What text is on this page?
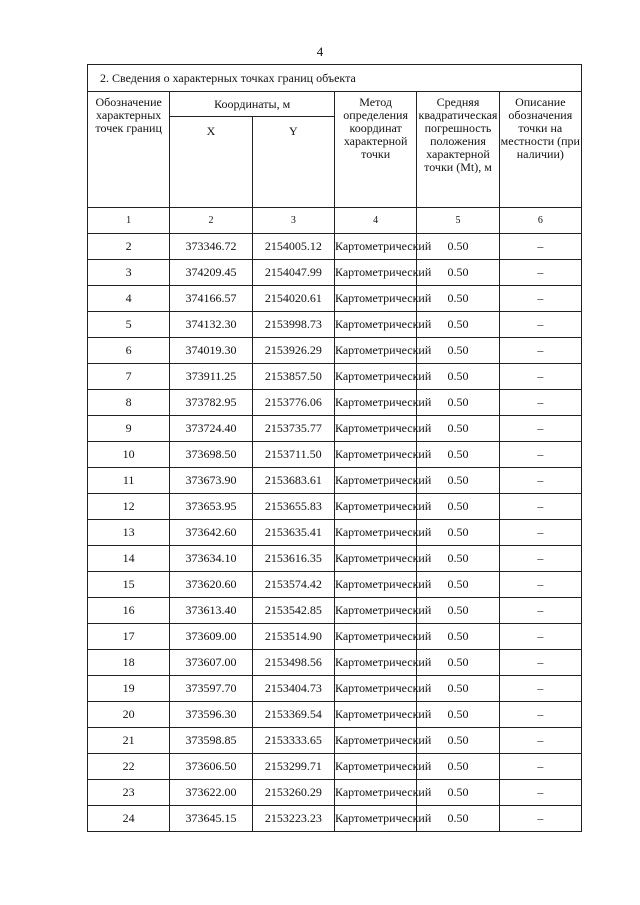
4
2. Сведения о характерных точках границ объекта					
Обозначение характерных точек границ	Координаты, м		Метод определения координат характерной точки	Средняя квадратическая погрешность положения характерной точки (Mt), м	Описание обозначения точки на местности (при наличии)
	X	Y			
1	2	3	4	5	6
2	373346.72	2154005.12	Картометрический	0.50	–
3	374209.45	2154047.99	Картометрический	0.50	–
4	374166.57	2154020.61	Картометрический	0.50	–
5	374132.30	2153998.73	Картометрический	0.50	–
6	374019.30	2153926.29	Картометрический	0.50	–
7	373911.25	2153857.50	Картометрический	0.50	–
8	373782.95	2153776.06	Картометрический	0.50	–
9	373724.40	2153735.77	Картометрический	0.50	–
10	373698.50	2153711.50	Картометрический	0.50	–
11	373673.90	2153683.61	Картометрический	0.50	–
12	373653.95	2153655.83	Картометрический	0.50	–
13	373642.60	2153635.41	Картометрический	0.50	–
14	373634.10	2153616.35	Картометрический	0.50	–
15	373620.60	2153574.42	Картометрический	0.50	–
16	373613.40	2153542.85	Картометрический	0.50	–
17	373609.00	2153514.90	Картометрический	0.50	–
18	373607.00	2153498.56	Картометрический	0.50	–
19	373597.70	2153404.73	Картометрический	0.50	–
20	373596.30	2153369.54	Картометрический	0.50	–
21	373598.85	2153333.65	Картометрический	0.50	–
22	373606.50	2153299.71	Картометрический	0.50	–
23	373622.00	2153260.29	Картометрический	0.50	–
24	373645.15	2153223.23	Картометрический	0.50	–
